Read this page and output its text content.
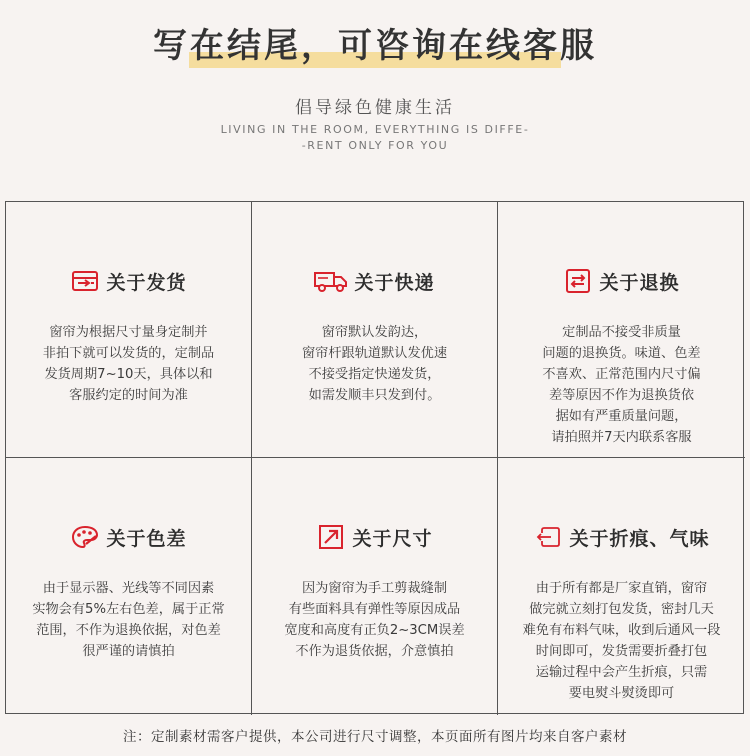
写在结尾，可咨询在线客服
倡导绿色健康生活
LIVING IN THE ROOM, EVERYTHING IS DIFFE-
-RENT ONLY FOR YOU
关于发货
窗帘为根据尺寸量身定制并
非拍下就可以发货的，定制品
发货周期7~10天，具体以和
客服约定的时间为准
关于快递
窗帘默认发韵达，
窗帘杆跟轨道默认发优速
不接受指定快递发货，
如需发顺丰只发到付。
关于退换
定制品不接受非质量
问题的退换货。味道、色差
不喜欢、正常范围内尺寸偏
差等原因不作为退换货依
据如有严重质量问题，
请拍照并7天内联系客服
关于色差
由于显示器、光线等不同因素
实物会有5%左右色差，属于正常
范围，不作为退换依据，对色差
很严谨的请慎拍
关于尺寸
因为窗帘为手工剪裁缝制
有些面料具有弹性等原因成品
宽度和高度有正负2~3CM误差
不作为退货依据，介意慎拍
关于折痕、气味
由于所有都是厂家直销，窗帘
做完就立刻打包发货，密封几天
难免有布料气味，收到后通风一段
时间即可，发货需要折叠打包
运输过程中会产生折痕，只需
要电熨斗熨烫即可
注：定制素材需客户提供，本公司进行尺寸调整，本页面所有图片均来自客户素材
